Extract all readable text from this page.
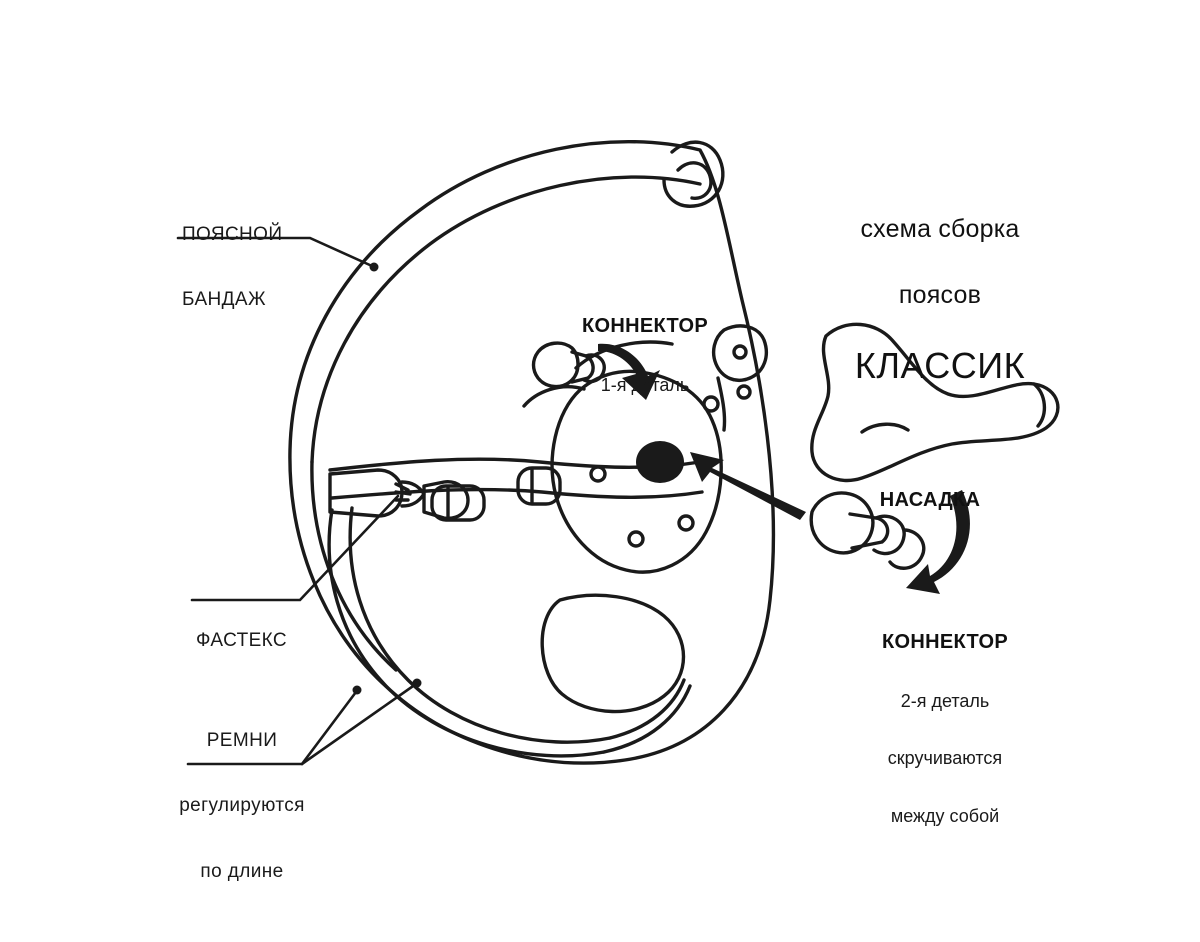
ПОЯСНОЙ

БАНДАЖ

ФАСТЕКС

РЕМНИ

регулируются

по длине

КОННЕКТОР

1-я деталь

НАСАДКА

КОННЕКТОР

2-я деталь

скручиваются

между собой

схема сборка

поясов

КЛАССИК
